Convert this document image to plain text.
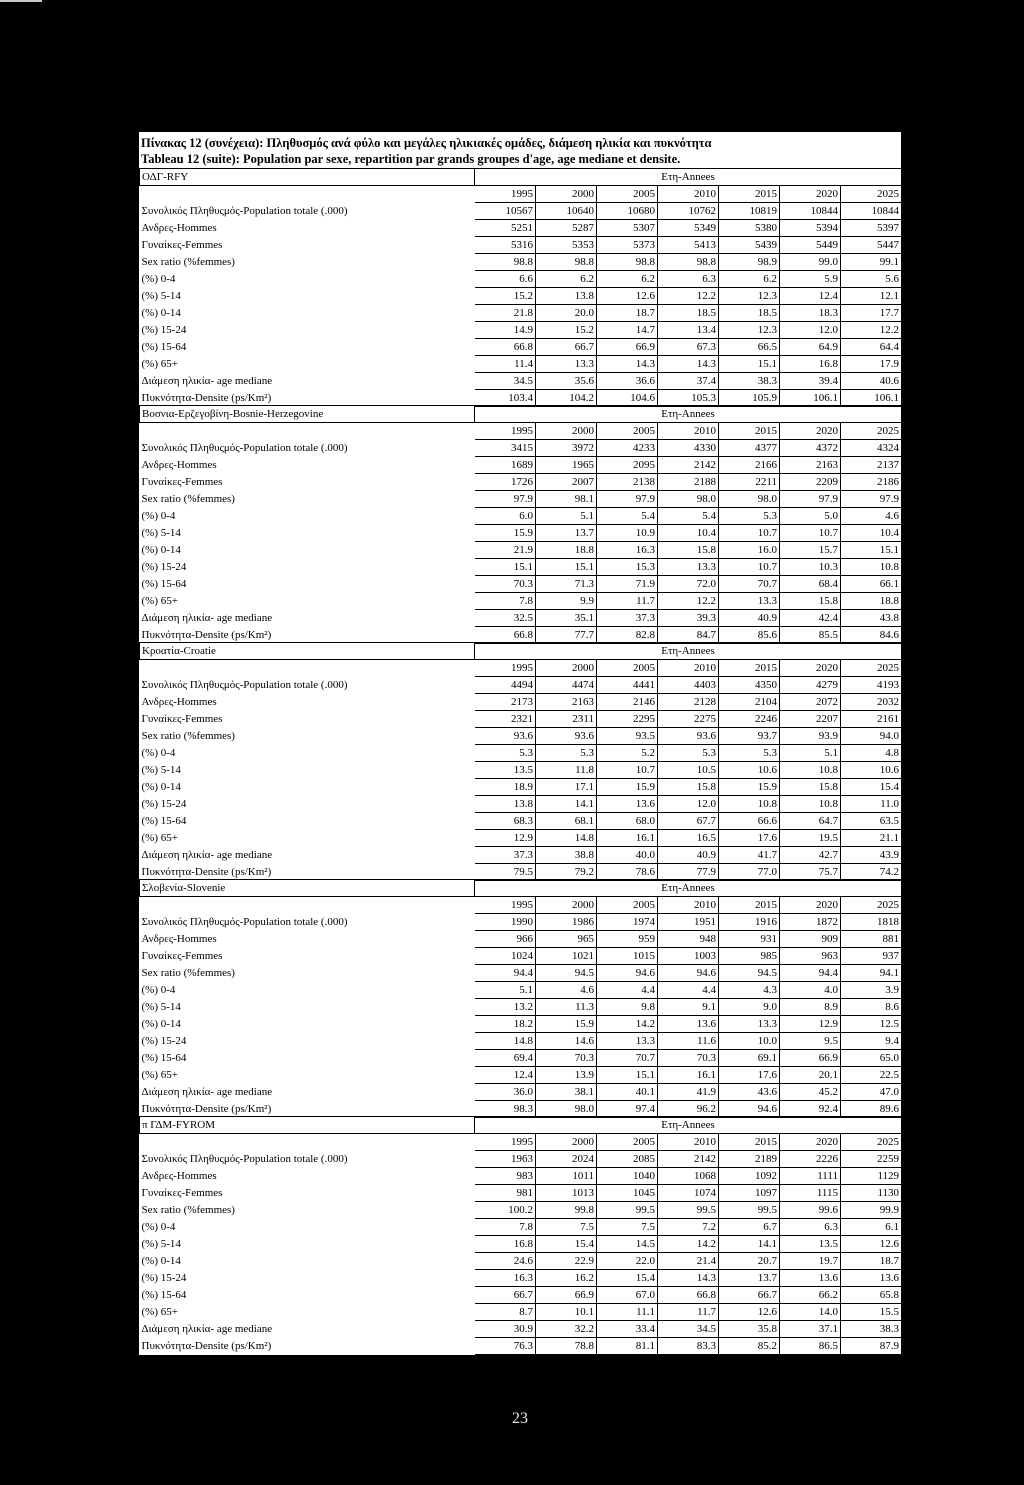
Πίνακας 12 (συνέχεια): Πληθυσμός ανά φύλο και μεγάλες ηλικιακές ομάδες, διάμεση ηλικία και πυκνότητα
Tableau 12 (suite): Population par sexe, repartition par grands groupes d'age, age mediane et densite.
ΟΔΓ-RFY	Ετη-Annees						
	1995	2000	2005	2010	2015	2020	2025
Συνολικός Πληθυςμός-Population totale (.000)	10567	10640	10680	10762	10819	10844	10844
Ανδρες-Hommes	5251	5287	5307	5349	5380	5394	5397
Γυναίκες-Femmes	5316	5353	5373	5413	5439	5449	5447
Sex ratio (%femmes)	98.8	98.8	98.8	98.8	98.9	99.0	99.1
(%) 0-4	6.6	6.2	6.2	6.3	6.2	5.9	5.6
(%) 5-14	15.2	13.8	12.6	12.2	12.3	12.4	12.1
(%) 0-14	21.8	20.0	18.7	18.5	18.5	18.3	17.7
(%) 15-24	14.9	15.2	14.7	13.4	12.3	12.0	12.2
(%) 15-64	66.8	66.7	66.9	67.3	66.5	64.9	64.4
(%) 65+	11.4	13.3	14.3	14.3	15.1	16.8	17.9
Διάμεση ηλικία- age mediane	34.5	35.6	36.6	37.4	38.3	39.4	40.6
Πυκνότητα-Densite (ps/Km²)	103.4	104.2	104.6	105.3	105.9	106.1	106.1
Βοσνια-Ερζεγοβίνη-Bosnie-Herzegovine	Ετη-Annees						
	1995	2000	2005	2010	2015	2020	2025
Συνολικός Πληθυςμός-Population totale (.000)	3415	3972	4233	4330	4377	4372	4324
Ανδρες-Hommes	1689	1965	2095	2142	2166	2163	2137
Γυναίκες-Femmes	1726	2007	2138	2188	2211	2209	2186
Sex ratio (%femmes)	97.9	98.1	97.9	98.0	98.0	97.9	97.9
(%) 0-4	6.0	5.1	5.4	5.4	5.3	5.0	4.6
(%) 5-14	15.9	13.7	10.9	10.4	10.7	10.7	10.4
(%) 0-14	21.9	18.8	16.3	15.8	16.0	15.7	15.1
(%) 15-24	15.1	15.1	15.3	13.3	10.7	10.3	10.8
(%) 15-64	70.3	71.3	71.9	72.0	70.7	68.4	66.1
(%) 65+	7.8	9.9	11.7	12.2	13.3	15.8	18.8
Διάμεση ηλικία- age mediane	32.5	35.1	37.3	39.3	40.9	42.4	43.8
Πυκνότητα-Densite (ps/Km²)	66.8	77.7	82.8	84.7	85.6	85.5	84.6
Κροατία-Croatie	Ετη-Annees						
	1995	2000	2005	2010	2015	2020	2025
Συνολικός Πληθυςμός-Population totale (.000)	4494	4474	4441	4403	4350	4279	4193
Ανδρες-Hommes	2173	2163	2146	2128	2104	2072	2032
Γυναίκες-Femmes	2321	2311	2295	2275	2246	2207	2161
Sex ratio (%femmes)	93.6	93.6	93.5	93.6	93.7	93.9	94.0
(%) 0-4	5.3	5.3	5.2	5.3	5.3	5.1	4.8
(%) 5-14	13.5	11.8	10.7	10.5	10.6	10.8	10.6
(%) 0-14	18.9	17.1	15.9	15.8	15.9	15.8	15.4
(%) 15-24	13.8	14.1	13.6	12.0	10.8	10.8	11.0
(%) 15-64	68.3	68.1	68.0	67.7	66.6	64.7	63.5
(%) 65+	12.9	14.8	16.1	16.5	17.6	19.5	21.1
Διάμεση ηλικία- age mediane	37.3	38.8	40.0	40.9	41.7	42.7	43.9
Πυκνότητα-Densite (ps/Km²)	79.5	79.2	78.6	77.9	77.0	75.7	74.2
Σλοβενία-Slovenie	Ετη-Annees						
	1995	2000	2005	2010	2015	2020	2025
Συνολικός Πληθυςμός-Population totale (.000)	1990	1986	1974	1951	1916	1872	1818
Ανδρες-Hommes	966	965	959	948	931	909	881
Γυναίκες-Femmes	1024	1021	1015	1003	985	963	937
Sex ratio (%femmes)	94.4	94.5	94.6	94.6	94.5	94.4	94.1
(%) 0-4	5.1	4.6	4.4	4.4	4.3	4.0	3.9
(%) 5-14	13.2	11.3	9.8	9.1	9.0	8.9	8.6
(%) 0-14	18.2	15.9	14.2	13.6	13.3	12.9	12.5
(%) 15-24	14.8	14.6	13.3	11.6	10.0	9.5	9.4
(%) 15-64	69.4	70.3	70.7	70.3	69.1	66.9	65.0
(%) 65+	12.4	13.9	15.1	16.1	17.6	20.1	22.5
Διάμεση ηλικία- age mediane	36.0	38.1	40.1	41.9	43.6	45.2	47.0
Πυκνότητα-Densite (ps/Km²)	98.3	98.0	97.4	96.2	94.6	92.4	89.6
π ΓΔΜ-FYROM	Ετη-Annees						
	1995	2000	2005	2010	2015	2020	2025
Συνολικός Πληθυςμός-Population totale (.000)	1963	2024	2085	2142	2189	2226	2259
Ανδρες-Hommes	983	1011	1040	1068	1092	1111	1129
Γυναίκες-Femmes	981	1013	1045	1074	1097	1115	1130
Sex ratio (%femmes)	100.2	99.8	99.5	99.5	99.5	99.6	99.9
(%) 0-4	7.8	7.5	7.5	7.2	6.7	6.3	6.1
(%) 5-14	16.8	15.4	14.5	14.2	14.1	13.5	12.6
(%) 0-14	24.6	22.9	22.0	21.4	20.7	19.7	18.7
(%) 15-24	16.3	16.2	15.4	14.3	13.7	13.6	13.6
(%) 15-64	66.7	66.9	67.0	66.8	66.7	66.2	65.8
(%) 65+	8.7	10.1	11.1	11.7	12.6	14.0	15.5
Διάμεση ηλικία- age mediane	30.9	32.2	33.4	34.5	35.8	37.1	38.3
Πυκνότητα-Densite (ps/Km²)	76.3	78.8	81.1	83.3	85.2	86.5	87.9
23
